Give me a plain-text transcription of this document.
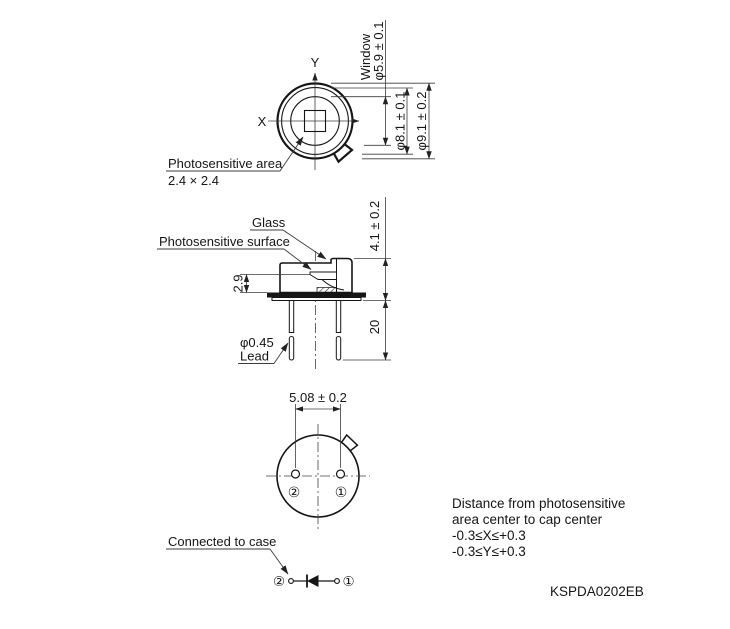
Y
X
Window
φ5.9 ± 0.1
φ8.1 ± 0.1 φ9.1 ± 0.2
Photosensitive area
2.4 × 2.4
Glass
Photosensitive surface
2.9
4.1 ± 0.2
20
φ0.45
Lead
② ①
5.08 ± 0.2
Connected to case
②	①
Distance from photosensitive
area center to cap center
-0.3≤X≤+0.3
-0.3≤Y≤+0.3
KSPDA0202EB
